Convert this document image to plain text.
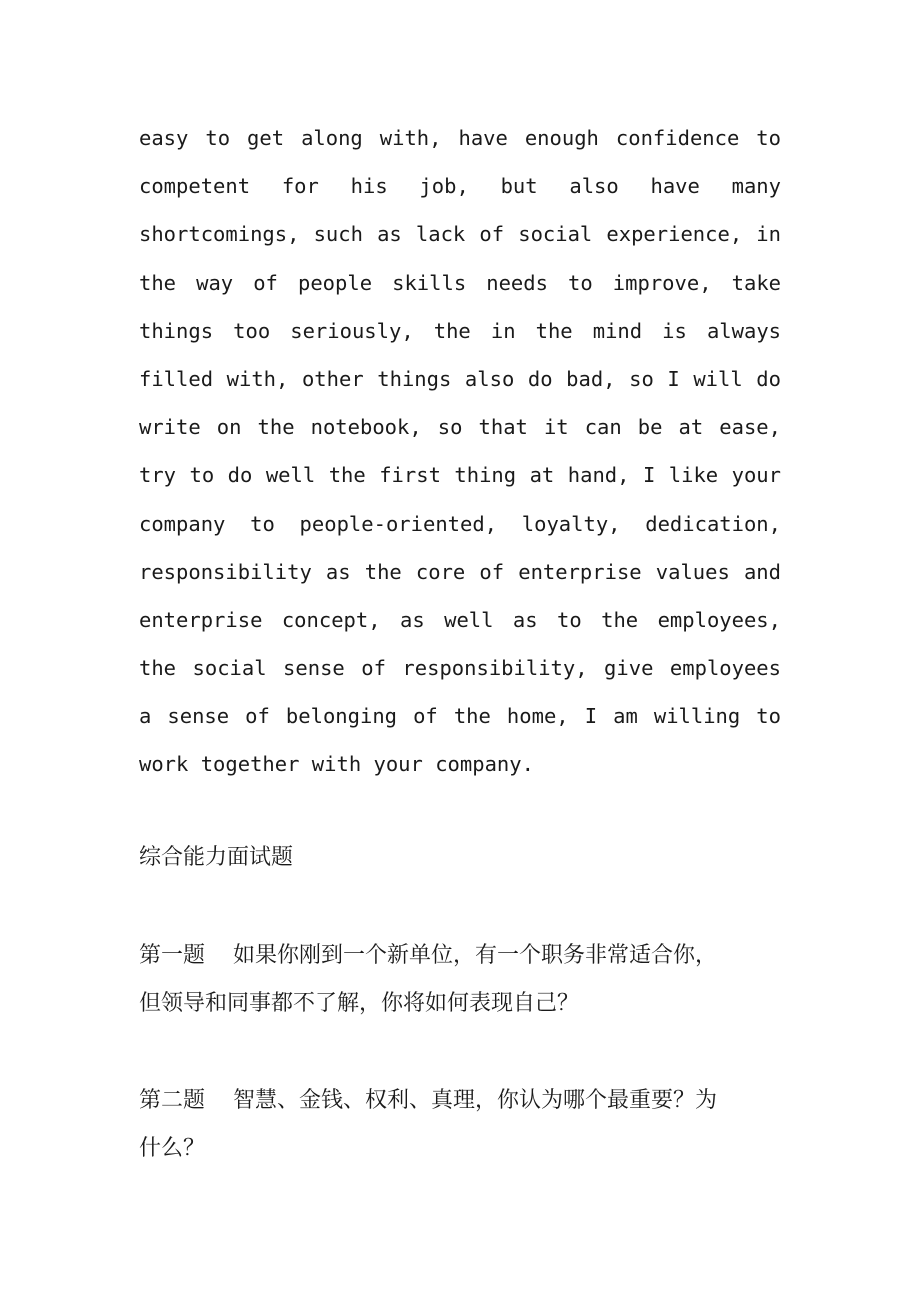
easy to get along with, have enough confidence to
competent for his job, but also have many
shortcomings, such as lack of social experience, in
the way of people skills needs to improve, take
things too seriously, the in the mind is always
filled with, other things also do bad, so I will do
write on the notebook, so that it can be at ease,
try to do well the first thing at hand, I like your
company to people-oriented, loyalty, dedication,
responsibility as the core of enterprise values and
enterprise concept, as well as to the employees,
the social sense of responsibility, give employees
a sense of belonging of the home, I am willing to
work together with your company.
综合能力面试题
第一题 如果你刚到一个新单位，有一个职务非常适合你，
但领导和同事都不了解，你将如何表现自己？
第二题 智慧、金钱、权利、真理，你认为哪个最重要？为
什么？
